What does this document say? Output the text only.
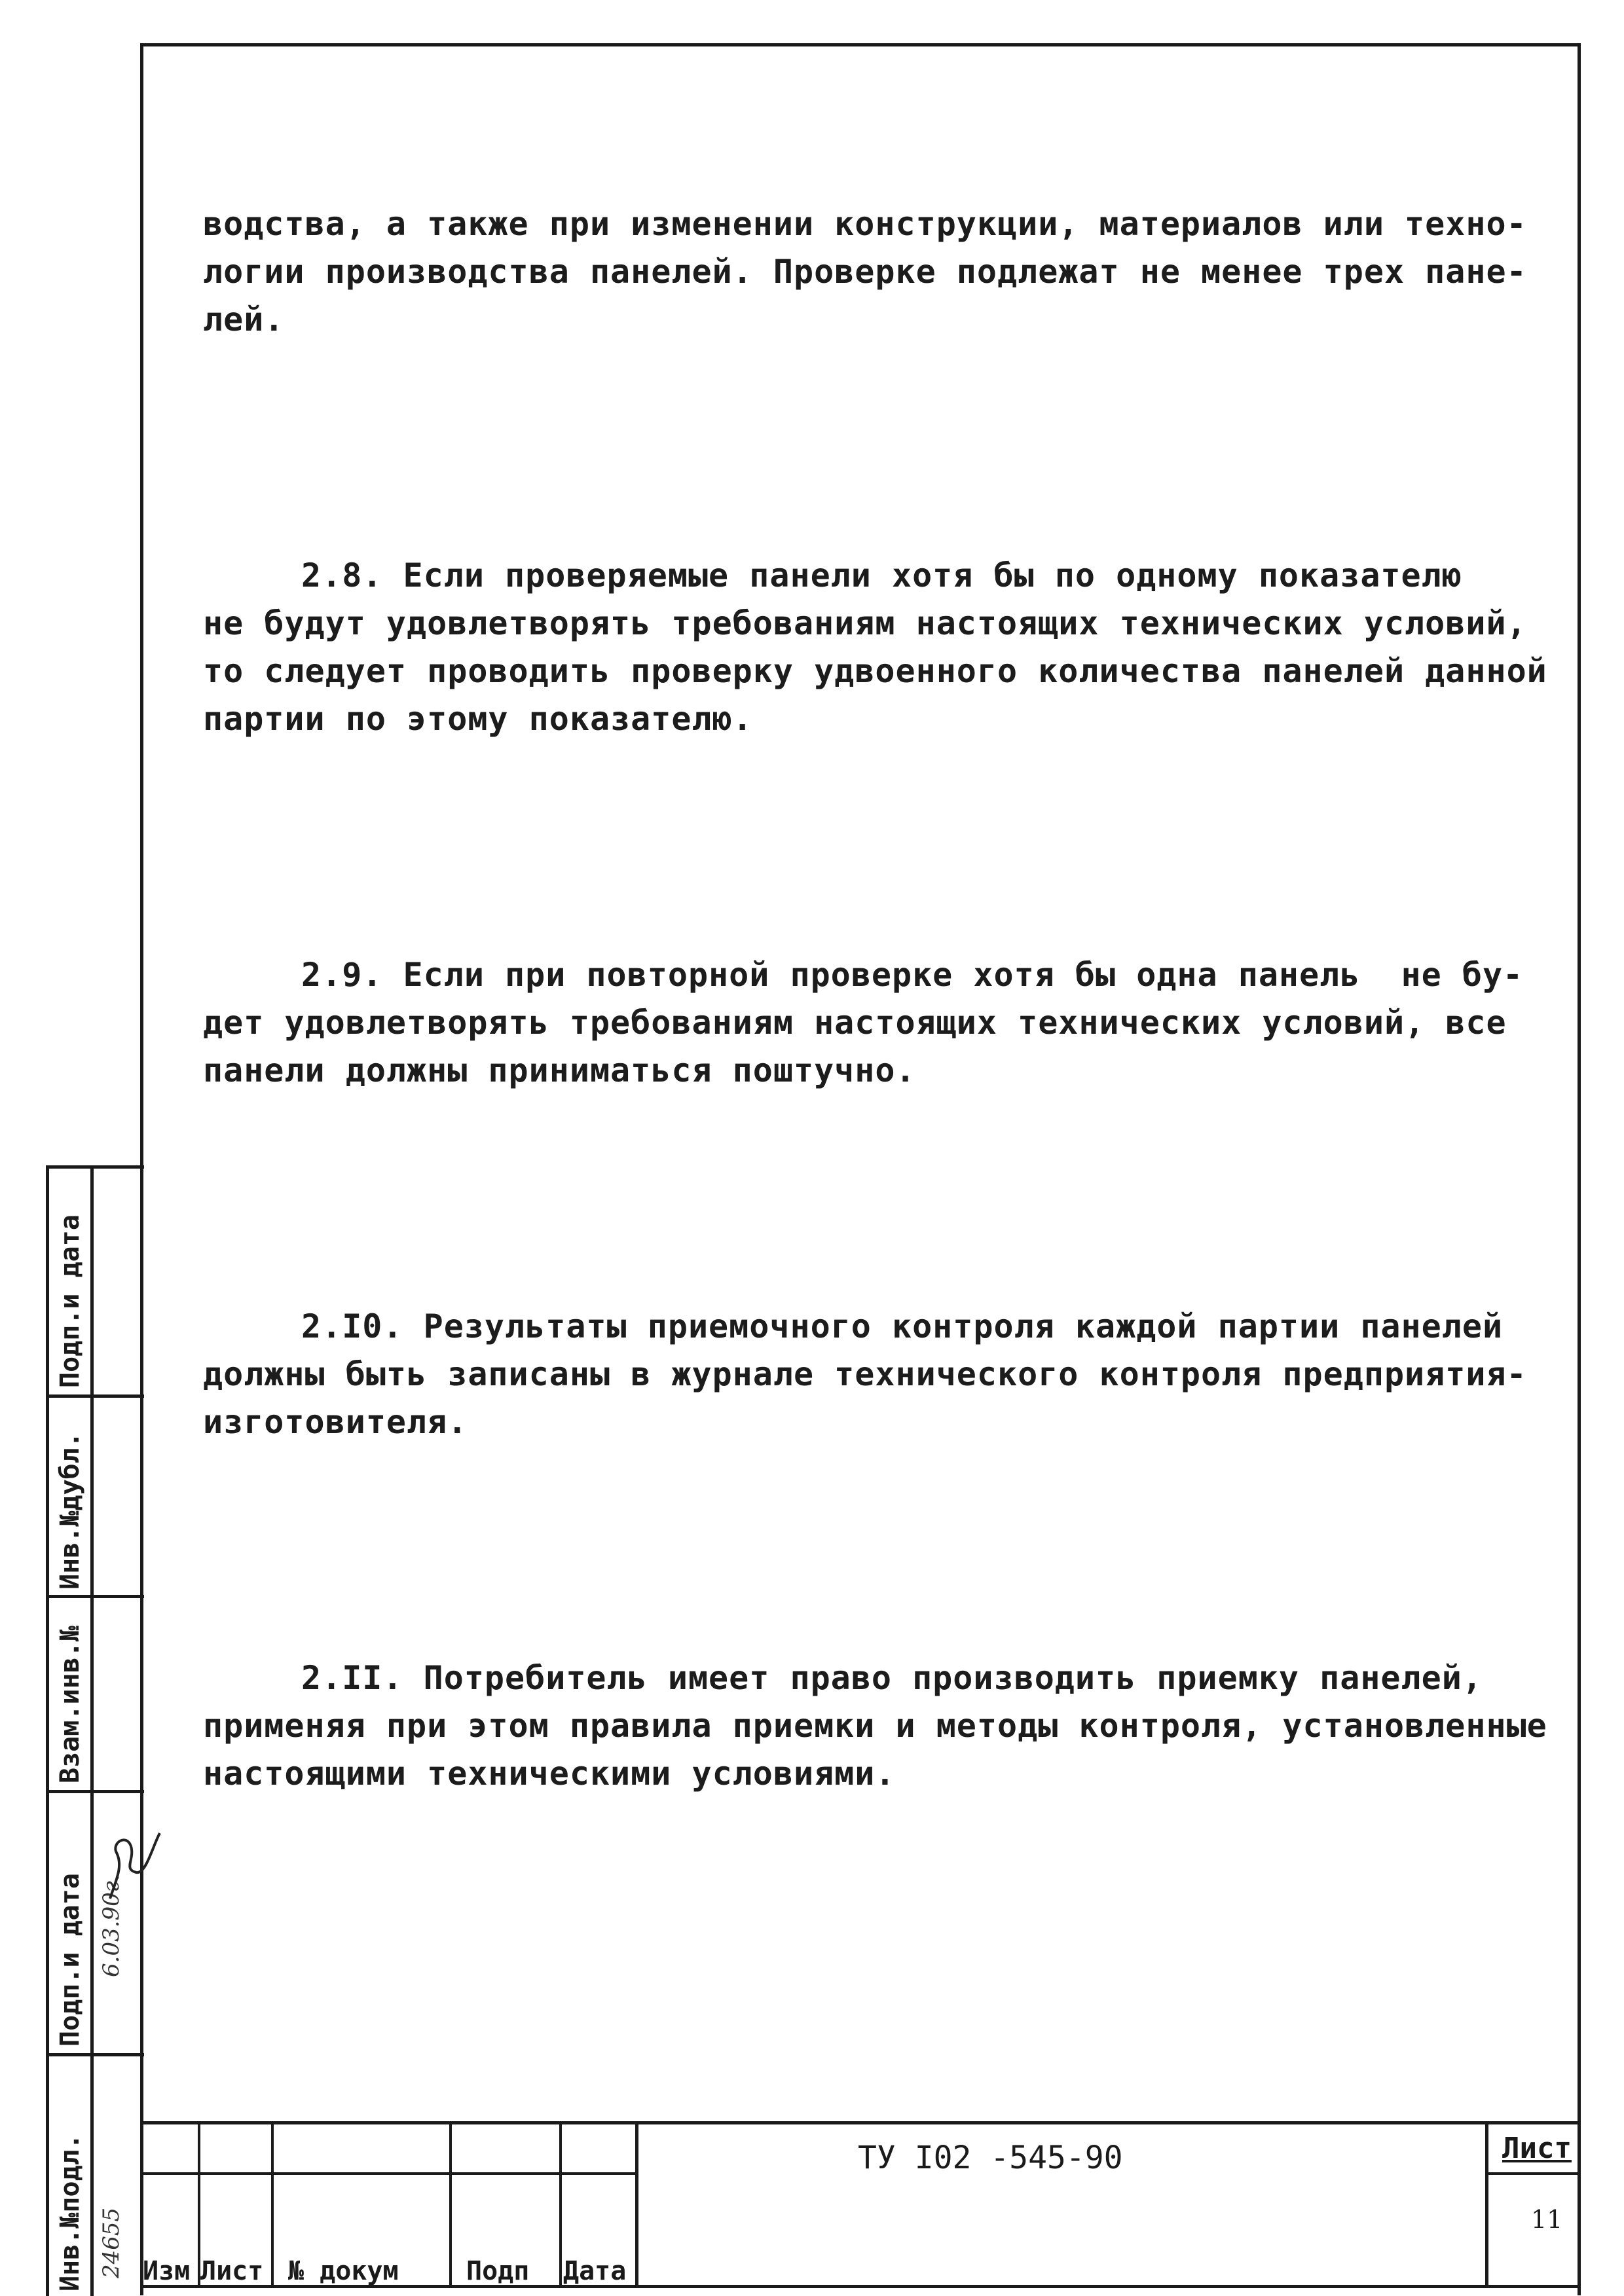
водства, а также при изменении конструкции, материалов или техно-
логии производства панелей. Проверке подлежат не менее трех пане-
лей.

2.8. Если проверяемые панели хотя бы по одному показателю
не будут удовлетворять требованиям настоящих технических условий,
то следует проводить проверку удвоенного количества панелей данной
партии по этому показателю.

2.9. Если при повторной проверке хотя бы одна панель  не бу-
дет удовлетворять требованиям настоящих технических условий, все
панели должны приниматься поштучно.

2.I0. Результаты приемочного контроля каждой партии панелей
должны быть записаны в журнале технического контроля предприятия-
изготовителя.

2.II. Потребитель имеет право производить приемку панелей,
применяя при этом правила приемки и методы контроля, установленные
настоящими техническими условиями.

Подп.и дата
Инв.№дубл.
Взам.инв.№
Подп.и дата
Инв.№подл.
6.03.90г.
24655 Изм Лист № докум	Подп Дата
ТУ I02 -545-90	Лист
11
